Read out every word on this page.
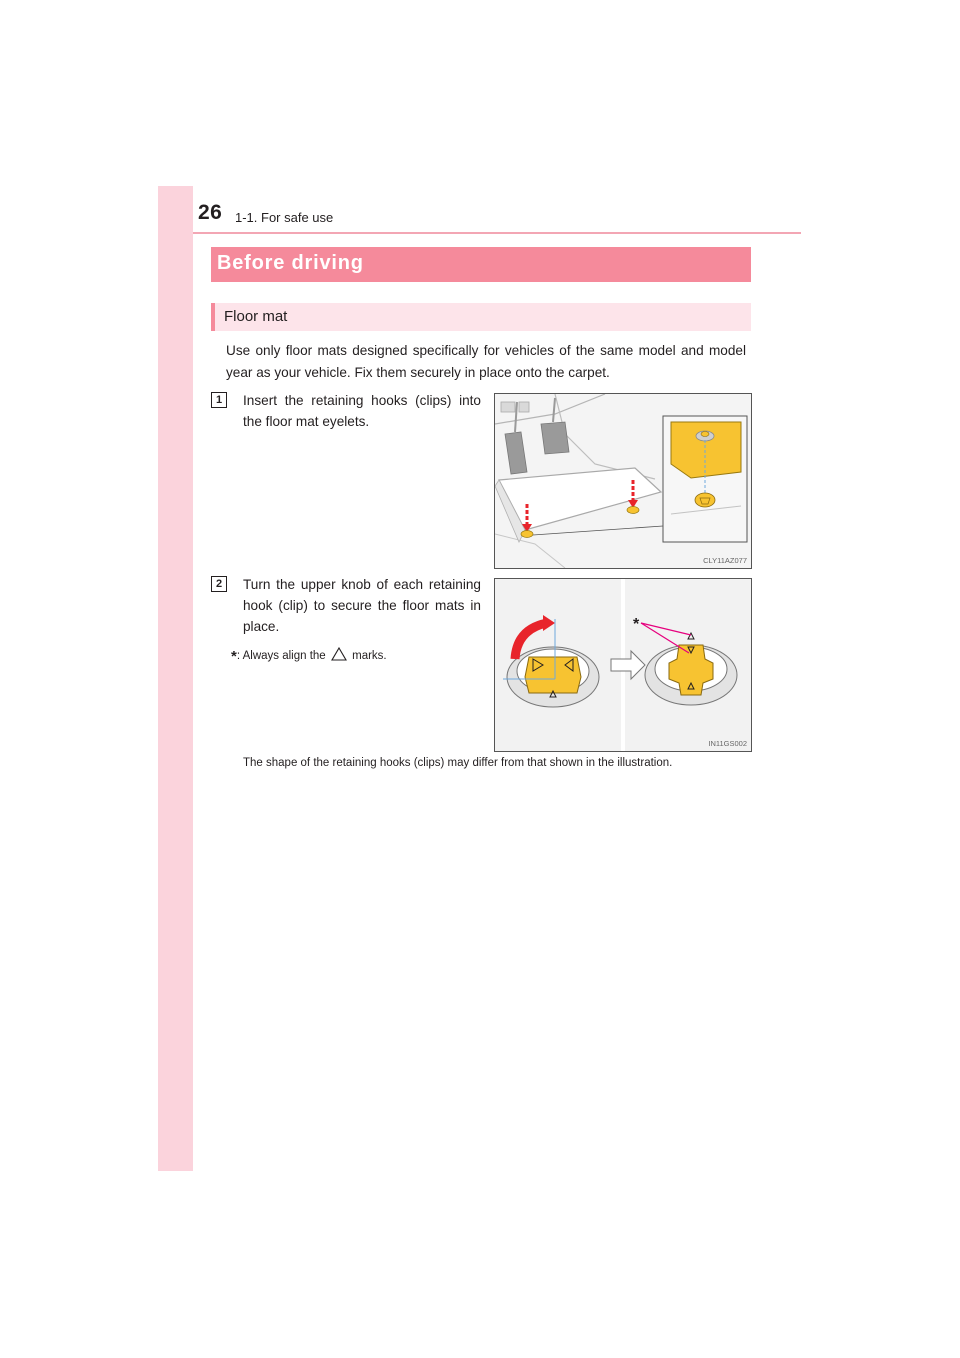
26 1-1. For safe use
Before driving
Floor mat
Use only floor mats designed specifically for vehicles of the same model and model year as your vehicle. Fix them securely in place onto the carpet.
1	Insert the retaining hooks (clips) into the floor mat eyelets.
CLY11AZ077
2	Turn the upper knob of each retaining hook (clip) to secure the floor mats in place.
*: Always align the marks.
*
IN11GS002
The shape of the retaining hooks (clips) may differ from that shown in the illustration.
